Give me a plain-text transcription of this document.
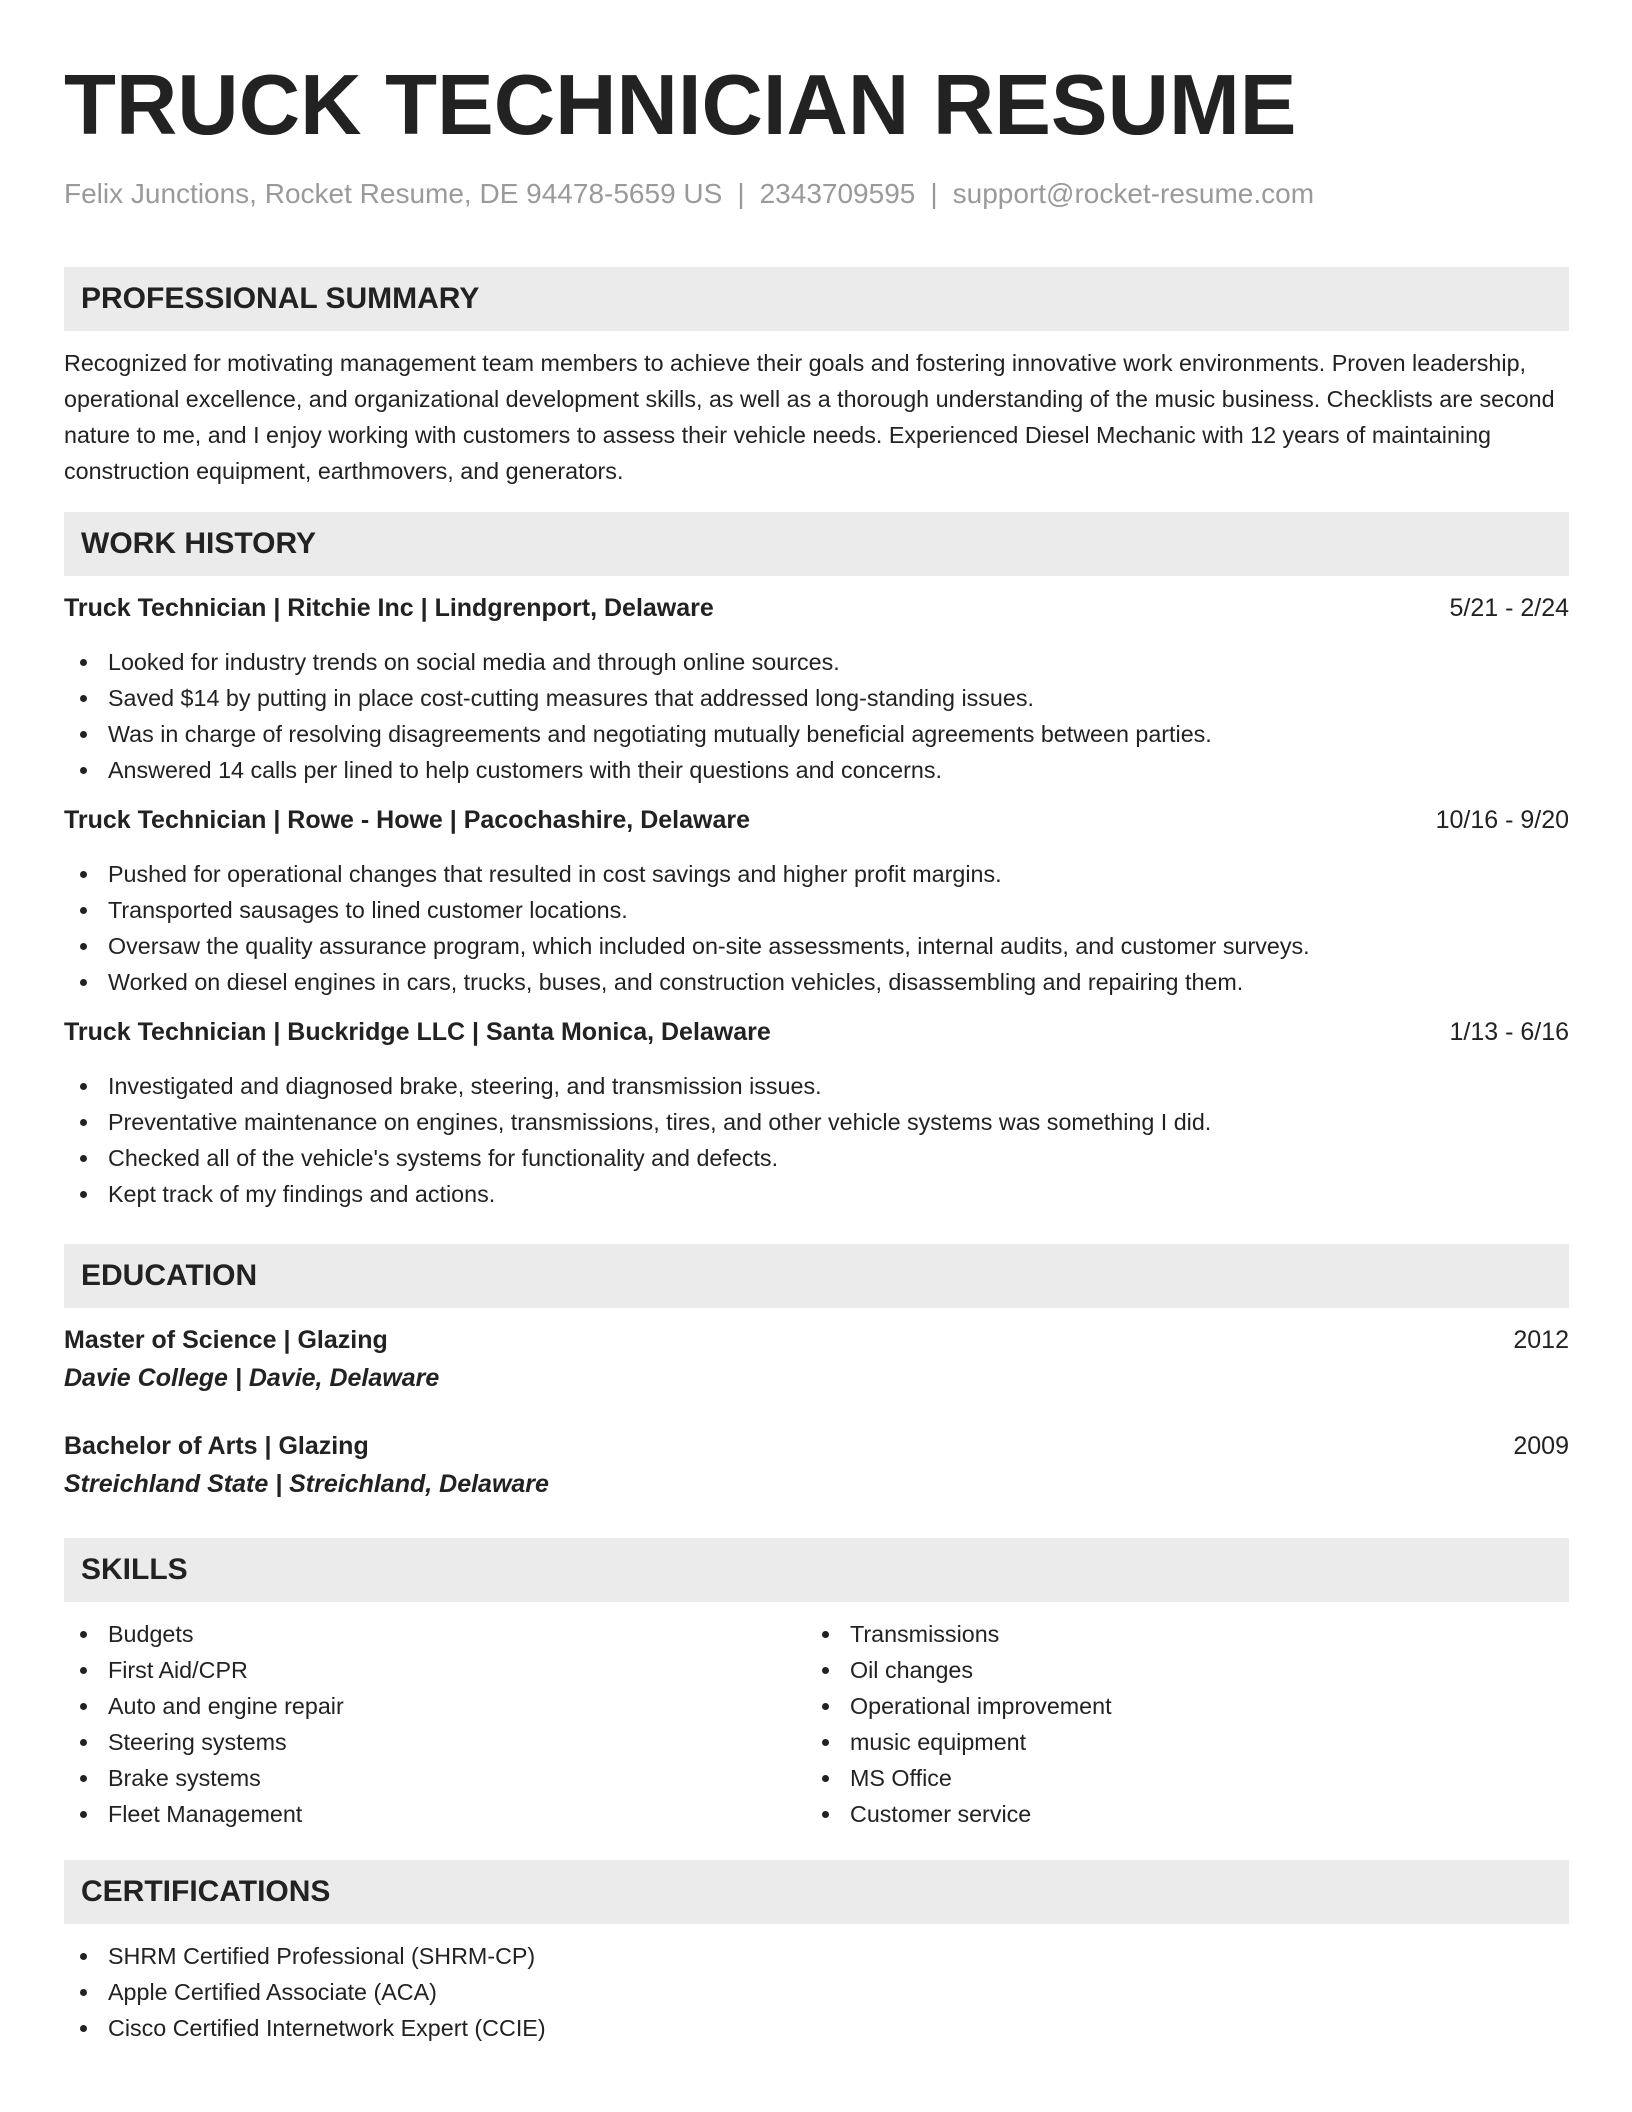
TRUCK TECHNICIAN RESUME
Felix Junctions, Rocket Resume, DE 94478-5659 US | 2343709595 | support@rocket-resume.com
PROFESSIONAL SUMMARY
Recognized for motivating management team members to achieve their goals and fostering innovative work environments. Proven leadership, operational excellence, and organizational development skills, as well as a thorough understanding of the music business. Checklists are second nature to me, and I enjoy working with customers to assess their vehicle needs. Experienced Diesel Mechanic with 12 years of maintaining construction equipment, earthmovers, and generators.
WORK HISTORY
Truck Technician | Ritchie Inc | Lindgrenport, Delaware	5/21 - 2/24
Looked for industry trends on social media and through online sources.
Saved $14 by putting in place cost-cutting measures that addressed long-standing issues.
Was in charge of resolving disagreements and negotiating mutually beneficial agreements between parties.
Answered 14 calls per lined to help customers with their questions and concerns.
Truck Technician | Rowe - Howe | Pacochashire, Delaware	10/16 - 9/20
Pushed for operational changes that resulted in cost savings and higher profit margins.
Transported sausages to lined customer locations.
Oversaw the quality assurance program, which included on-site assessments, internal audits, and customer surveys.
Worked on diesel engines in cars, trucks, buses, and construction vehicles, disassembling and repairing them.
Truck Technician | Buckridge LLC | Santa Monica, Delaware	1/13 - 6/16
Investigated and diagnosed brake, steering, and transmission issues.
Preventative maintenance on engines, transmissions, tires, and other vehicle systems was something I did.
Checked all of the vehicle's systems for functionality and defects.
Kept track of my findings and actions.
EDUCATION
Master of Science | Glazing	2012
Davie College | Davie, Delaware
Bachelor of Arts | Glazing	2009
Streichland State | Streichland, Delaware
SKILLS
Budgets
First Aid/CPR
Auto and engine repair
Steering systems
Brake systems
Fleet Management
Transmissions
Oil changes
Operational improvement
music equipment
MS Office
Customer service
CERTIFICATIONS
SHRM Certified Professional (SHRM-CP)
Apple Certified Associate (ACA)
Cisco Certified Internetwork Expert (CCIE)
